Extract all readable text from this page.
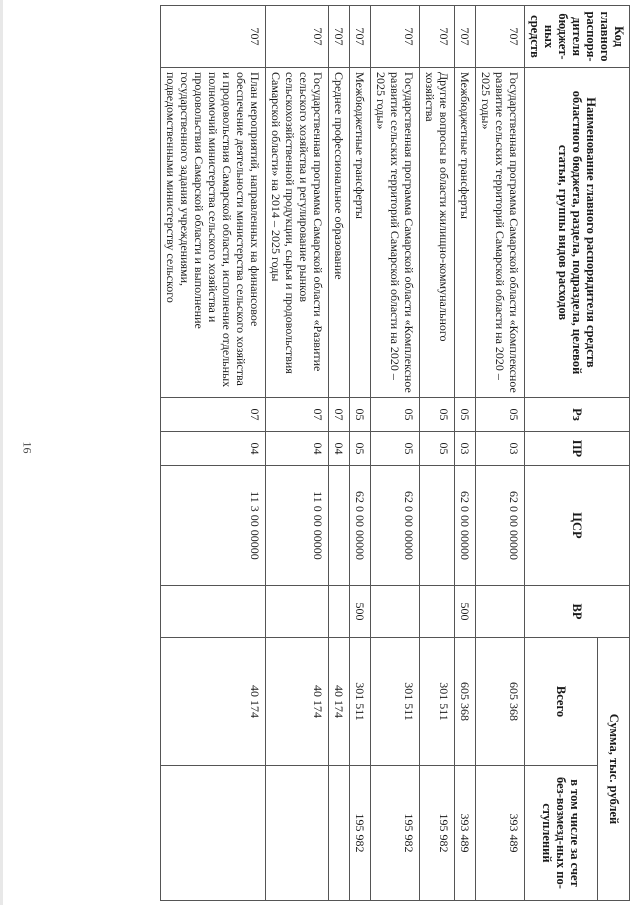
16
Код главного распоря-дителя бюджет-ных средств	Наименование главного распорядителя средств областного бюджета, раздела, подраздела, целевой статьи, группы видов расходов	Рз	ПР	ЦСР	ВР	Сумма, тыс. рублей	
						Всего	в том числе за счет без-возмезд-ных по-ступлений
707	Государственная программа Самарской области «Комплексное развитие сельских территорий Самарской области на 2020 – 2025 годы»	05	03	62 0 00 00000		605 368	393 489
707	Межбюджетные трансферты	05	03	62 0 00 00000	500	605 368	393 489
707	Другие вопросы в области жилищно-коммунального хозяйства	05	05			301 511	195 982
707	Государственная программа Самарской области «Комплексное развитие сельских территорий Самарской области на 2020 – 2025 годы»	05	05	62 0 00 00000		301 511	195 982
707	Межбюджетные трансферты	05	05	62 0 00 00000	500	301 511	195 982
707	Среднее профессиональное образование	07	04			40 174	
707	Государственная программа Самарской области «Развитие сельского хозяйства и регулирование рынков сельскохозяйственной продукции, сырья и продовольствия Самарской области» на 2014 – 2025 годы	07	04	11 0 00 00000		40 174	
707	План мероприятий, направленных на финансовое обеспечение деятельности министерства сельского хозяйства и продовольствия Самарской области, исполнение отдельных полномочий министерства сельского хозяйства и продовольствия Самарской области и выполнение государственного задания учреждениями, подведомственными министерству сельского	07	04	11 3 00 00000		40 174	
